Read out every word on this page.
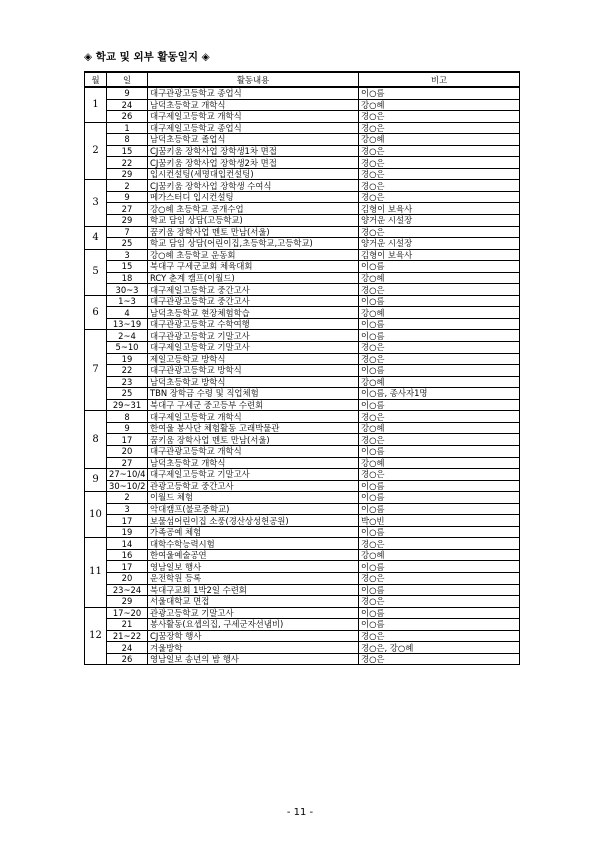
◈ 학교 및 외부 활동일지 ◈
월	일	활동내용	비고
1	9	대구관광고등학교 종업식	이○름
	24	남덕초등학교 개학식	강○혜
	26	대구제일고등학교 개학식	경○은
2	1	대구제일고등학교 종업식	경○은
	8	남덕초등학교 졸업식	강○혜
	15	CJ꿈키움 장학사업 장학생1차 면접	경○은
	22	CJ꿈키움 장학사업 장학생2차 면접	경○은
	29	입시컨설팅(세명대입컨설팅)	경○은
3	2	CJ꿈키움 장학사업 장학생 수여식	경○은
	9	메가스터디 입시컨설팅	경○은
	27	강○혜 초등학교 공개수업	김형이 보육사
	29	학교 담임 상담(고등학교)	양거운 시설장
4	7	꿈키움 장학사업 멘토 만남(서울)	경○은
	25	학교 담임 상담(어린이집,초등학교,고등학교)	양거운 시설장
5	3	강○혜 초등학교 운동회	김형이 보육사
	15	북대구 구세군교회 체육대회	이○름
	18	RCY 춘계 캠프(이월드)	강○혜
	30~3	대구제일고등학교 중간고사	경○은
6	1~3	대구관광고등학교 중간고사	이○름
	4	남덕초등학교 현장체험학습	강○혜
	13~19	대구관광고등학교 수학여행	이○름
7	2~4	대구관광고등학교 기말고사	이○름
	5~10	대구제일고등학교 기말고사	경○은
	19	제일고등학교 방학식	경○은
	22	대구관광고등학교 방학식	이○름
	23	남덕초등학교 방학식	강○혜
	25	TBN 장학금 수령 및 직업체험	이○름, 종사자1명
	29~31	북대구 구세군 중고등부 수련회	이○름
8	8	대구제일고등학교 개학식	경○은
	9	한여울 봉사단 체험활동 고래박물관	강○혜
	17	꿈키움 장학사업 멘토 만남(서울)	경○은
	20	대구관광고등학교 개학식	이○름
	27	남덕초등학교 개학식	강○혜
9	27~10/4	대구제일고등학교 기말고사	경○은
	30~10/2	관광고등학교 중간고사	이○름
10	2	이월드 체험	이○름
	3	악대캠프(불로중학교)	이○름
	17	보물섬어린이집 소풍(경산상성헌공원)	박○빈
	19	가족공예 체험	이○름
11	14	대학수학능력시험	경○은
	16	한여울예술공연	강○혜
	17	영남일보 행사	이○름
	20	운전학원 등록	경○은
	23~24	북대구교회 1박2일 수련회	이○름
	29	서울대학교 면접	경○은
12	17~20	관광고등학교 기말고사	이○름
	21	봉사활동(요셉의집, 구세군자선냄비)	이○름
	21~22	CJ꿈장학 행사	경○은
	24	겨울방학	경○은, 강○혜
	26	영남일보 송년의 밤 행사	경○은
- 11 -
